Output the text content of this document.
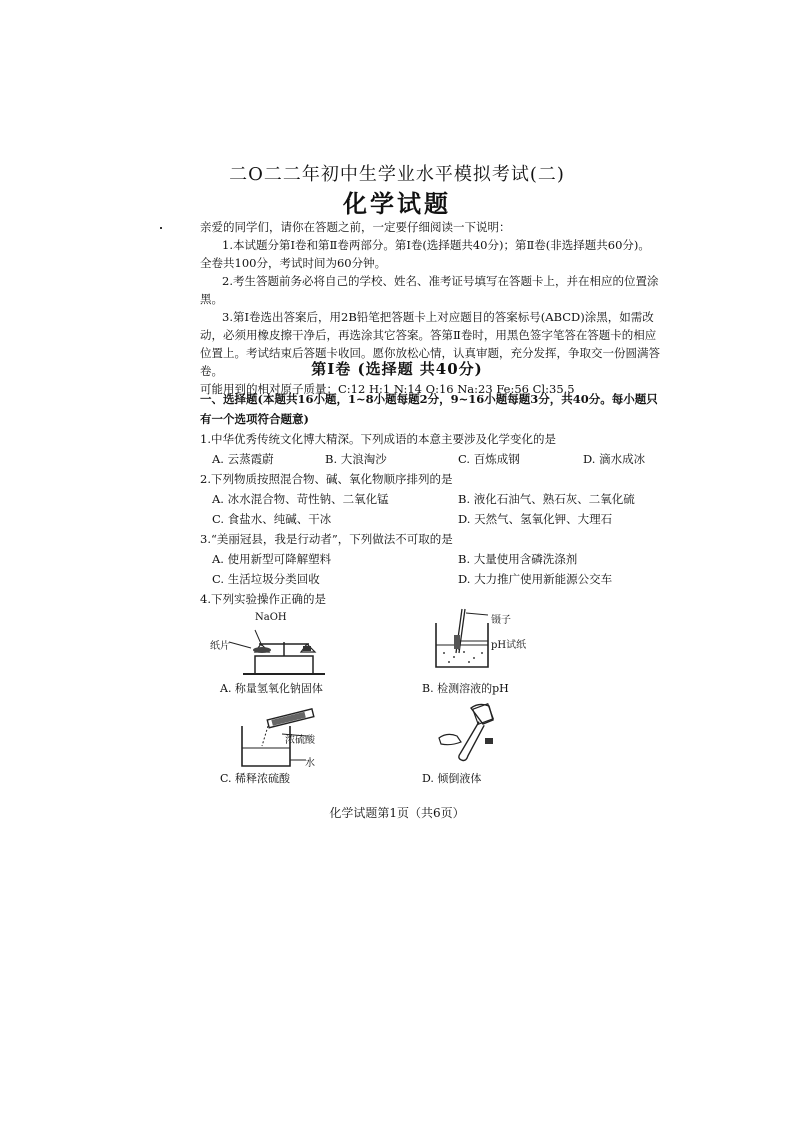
二O二二年初中生学业水平模拟考试(二)
化学试题

亲爱的同学们，请你在答题之前，一定要仔细阅读一下说明：

1.本试题分第Ⅰ卷和第Ⅱ卷两部分。第Ⅰ卷(选择题共40分)；第Ⅱ卷(非选择题共60分)。全卷共100分，考试时间为60分钟。

2.考生答题前务必将自己的学校、姓名、准考证号填写在答题卡上，并在相应的位置涂黑。

3.第Ⅰ卷选出答案后，用2B铅笔把答题卡上对应题目的答案标号(ABCD)涂黑，如需改动，必须用橡皮擦干净后，再选涂其它答案。答第Ⅱ卷时，用黑色签字笔答在答题卡的相应位置上。考试结束后答题卡收回。愿你放松心情，认真审题，充分发挥，争取交一份圆满答卷。

可能用到的相对原子质量：C:12 H:1 N:14 O:16 Na:23 Fe:56 Cl:35.5

第Ⅰ卷 (选择题 共40分)
一、选择题(本题共16小题，1~8小题每题2分，9~16小题每题3分，共40分。每小题只有一个选项符合题意)
1.中华优秀传统文化博大精深。下列成语的本意主要涉及化学变化的是
A. 云蒸霞蔚	B. 大浪淘沙	C. 百炼成钢	D. 滴水成冰
2.下列物质按照混合物、碱、氧化物顺序排列的是
A. 冰水混合物、苛性钠、二氧化锰	B. 液化石油气、熟石灰、二氧化硫
C. 食盐水、纯碱、干冰	D. 天然气、氢氧化钾、大理石
3.“美丽冠县，我是行动者”，下列做法不可取的是
A. 使用新型可降解塑料	B. 大量使用含磷洗涤剂
C. 生活垃圾分类回收	D. 大力推广使用新能源公交车
4.下列实验操作正确的是
NaOH
纸片
A. 称量氢氧化钠固体
镊子
pH试纸
B. 检测溶液的pH
浓硫酸
水
C. 稀释浓硫酸	D. 倾倒液体
化学试题第1页（共6页）
